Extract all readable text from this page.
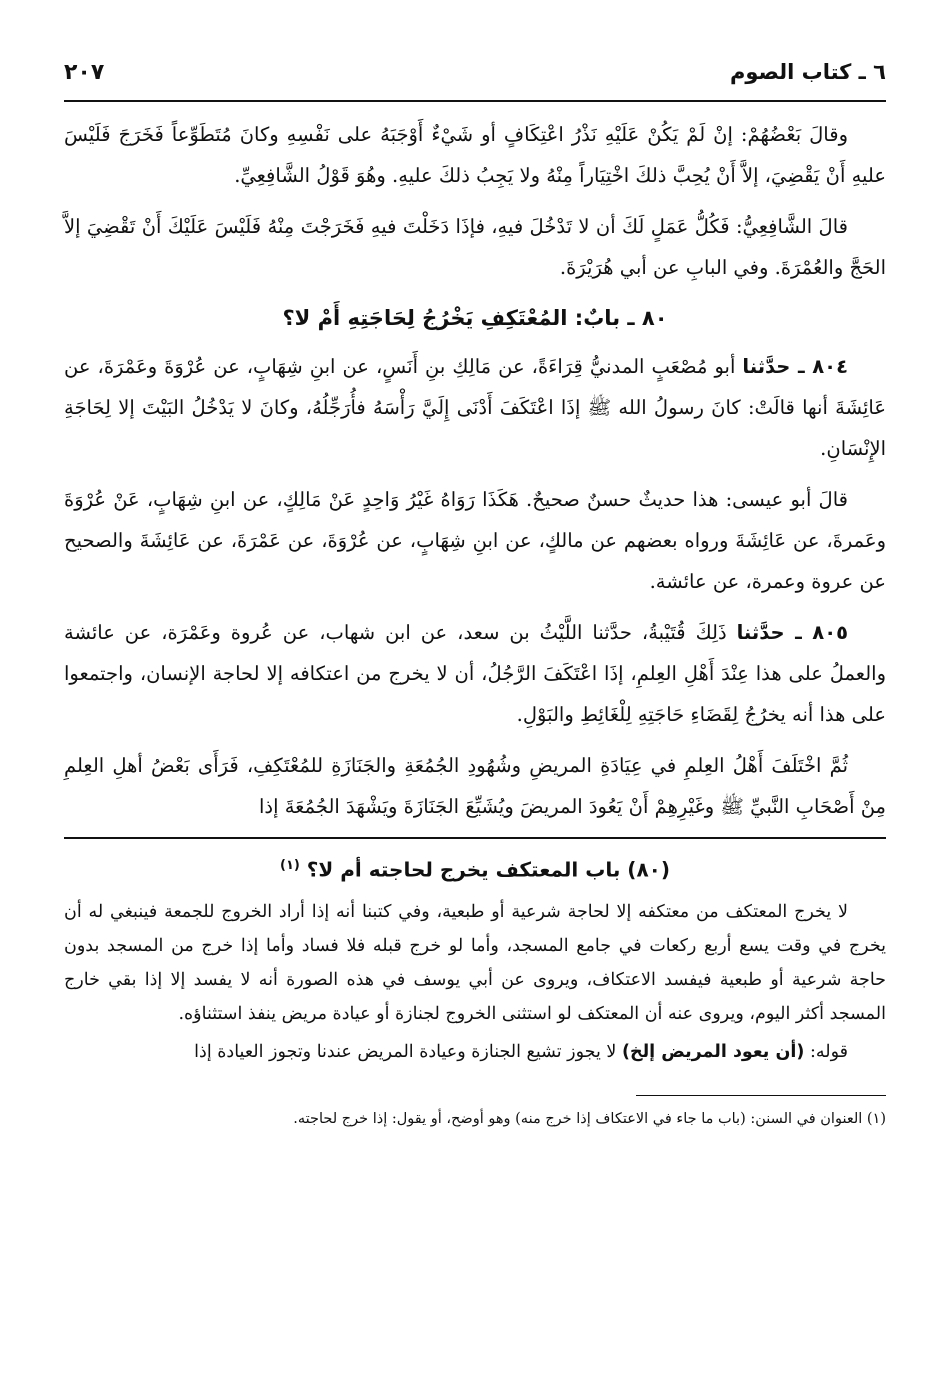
٦ ـ كتاب الصوم
٢٠٧

وقالَ بَعْضُهُمْ: إنْ لَمْ يَكُنْ عَلَيْهِ نَذْرُ اعْتِكَافٍ أو شَيْءٌ أَوْجَبَهُ على نَفْسِهِ وكانَ مُتَطَوِّعاً فَخَرَجَ فَلَيْسَ عليهِ أَنْ يَقْضِيَ، إلاَّ أَنْ يُحِبَّ ذلكَ اخْتِيَاراً مِنْهُ ولا يَجِبُ ذلكَ عليهِ. وهُوَ قَوْلُ الشَّافِعِيِّ.

قالَ الشَّافِعِيُّ: فَكُلُّ عَمَلٍ لَكَ أن لا تَدْخُلَ فيهِ، فإذَا دَخَلْتَ فيهِ فَخَرَجْتَ مِنْهُ فَلَيْسَ عَلَيْكَ أَنْ تَقْضِيَ إلاَّ الحَجَّ والعُمْرَةَ. وفي البابِ عن أبي هُرَيْرَةَ.

٨٠ ـ بابٌ: المُعْتَكِفِ يَخْرُجُ لِحَاجَتِهِ أَمْ لا؟

٨٠٤ ـ حدَّثنا أبو مُصْعَبٍ المدنيُّ قِرَاءَةً، عن مَالِكِ بنِ أَنَسٍ، عن ابنِ شِهَابٍ، عن عُرْوَةَ وعَمْرَةَ، عن عَائِشَةَ أنها قالَتْ: كانَ رسولُ الله ﷺ إذَا اعْتَكَفَ أَدْنَى إِلَيَّ رَأْسَهُ فأُرَجِّلُهُ، وكانَ لا يَدْخُلُ البَيْتَ إلا لِحَاجَةِ الإِنْسَانِ.

قالَ أبو عيسى: هذا حديثٌ حسنٌ صحيحٌ. هَكَذَا رَوَاهُ غَيْرُ وَاحِدٍ عَنْ مَالِكٍ، عن ابنِ شِهَابٍ، عَنْ عُرْوَةَ وعَمرةَ، عن عَائِشَةَ ورواه بعضهم عن مالكٍ، عن ابنِ شِهَابٍ، عن عُرْوَةَ، عن عَمْرَةَ، عن عَائِشَةَ والصحيح عن عروة وعمرة، عن عائشة.

٨٠٥ ـ حدَّثنا ذَلِكَ قُتَيْبةُ، حدَّثنا اللَّيْثُ بن سعد، عن ابن شهاب، عن عُروة وعَمْرَة، عن عائشة والعملُ على هذا عِنْدَ أَهْلِ العِلمِ، إذَا اعْتَكَفَ الرَّجُلُ، أن لا يخرج من اعتكافه إلا لحاجة الإنسان، واجتمعوا على هذا أنه يخرُجُ لِقَضَاءِ حَاجَتِهِ لِلْغَائِطِ والبَوْلِ.

ثُمَّ اخْتَلَفَ أَهْلُ العِلمِ في عِيَادَةِ المريضِ وشُهُودِ الجُمُعَةِ والجَنَازَةِ للمُعْتَكِفِ، فَرَأَى بَعْضُ أهلِ العِلمِ مِنْ أَصْحَابِ النَّبيِّ ﷺ وغَيْرِهِمْ أَنْ يَعُودَ المريضَ ويُشَيِّعَ الجَنَازَةَ ويَشْهَدَ الجُمُعَةَ إذا

(٨٠) باب المعتكف يخرج لحاجته أم لا؟ $^{(١)}$

لا يخرج المعتكف من معتكفه إلا لحاجة شرعية أو طبعية، وفي كتبنا أنه إذا أراد الخروج للجمعة فينبغي له أن يخرج في وقت يسع أربع ركعات في جامع المسجد، وأما لو خرج قبله فلا فساد وأما إذا خرج من المسجد بدون حاجة شرعية أو طبعية فيفسد الاعتكاف، ويروى عن أبي يوسف في هذه الصورة أنه لا يفسد إلا إذا بقي خارج المسجد أكثر اليوم، ويروى عنه أن المعتكف لو استثنى الخروج لجنازة أو عيادة مريض ينفذ استثناؤه.

قوله: (أن يعود المريض إلخ) لا يجوز تشيع الجنازة وعيادة المريض عندنا وتجوز العيادة إذا

(١) العنوان في السنن: (باب ما جاء في الاعتكاف إذا خرج منه) وهو أوضح، أو يقول: إذا خرج لحاجته.
